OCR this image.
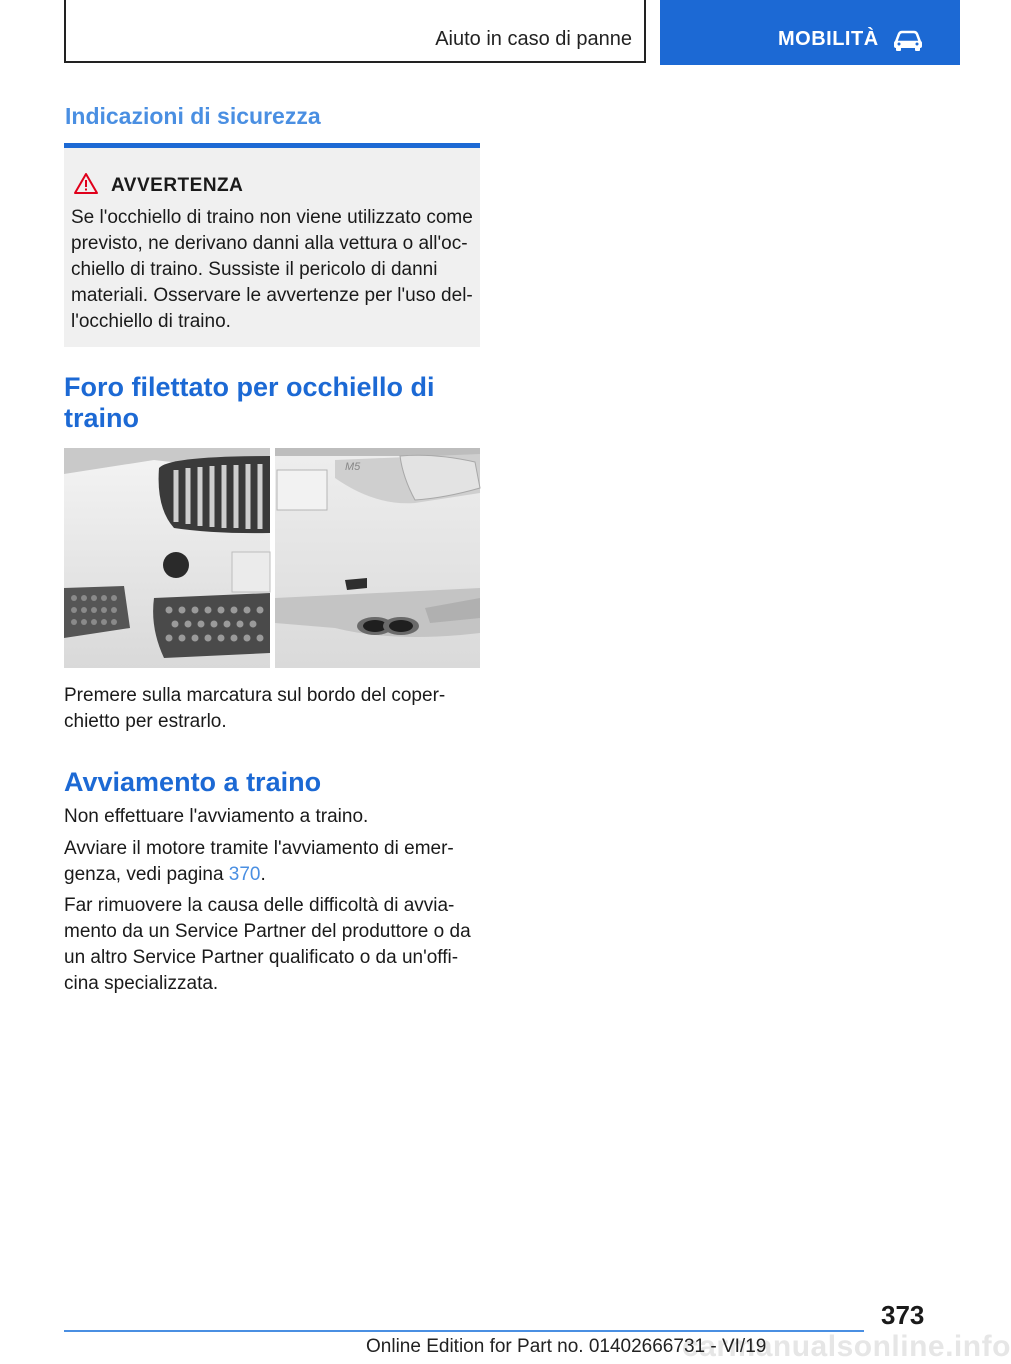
Aiuto in caso di panne	MOBILITÀ
Indicazioni di sicurezza
AVVERTENZA
Se l'occhiello di traino non viene utilizzato come
previsto, ne derivano danni alla vettura o all'oc‐
chiello di traino. Sussiste il pericolo di danni
materiali. Osservare le avvertenze per l'uso del‐
l'occhiello di traino.
Foro filettato per occhiello di
traino
M5
Premere sulla marcatura sul bordo del coper‐
chietto per estrarlo.
Avviamento a traino
Non effettuare l'avviamento a traino.
Avviare il motore tramite l'avviamento di emer‐
genza, vedi pagina 370.
Far rimuovere la causa delle difficoltà di avvia‐
mento da un Service Partner del produttore o da
un altro Service Partner qualificato o da un'offi‐
cina specializzata.
373
carmanualsonline.info
Online Edition for Part no. 01402666731 - VI/19
